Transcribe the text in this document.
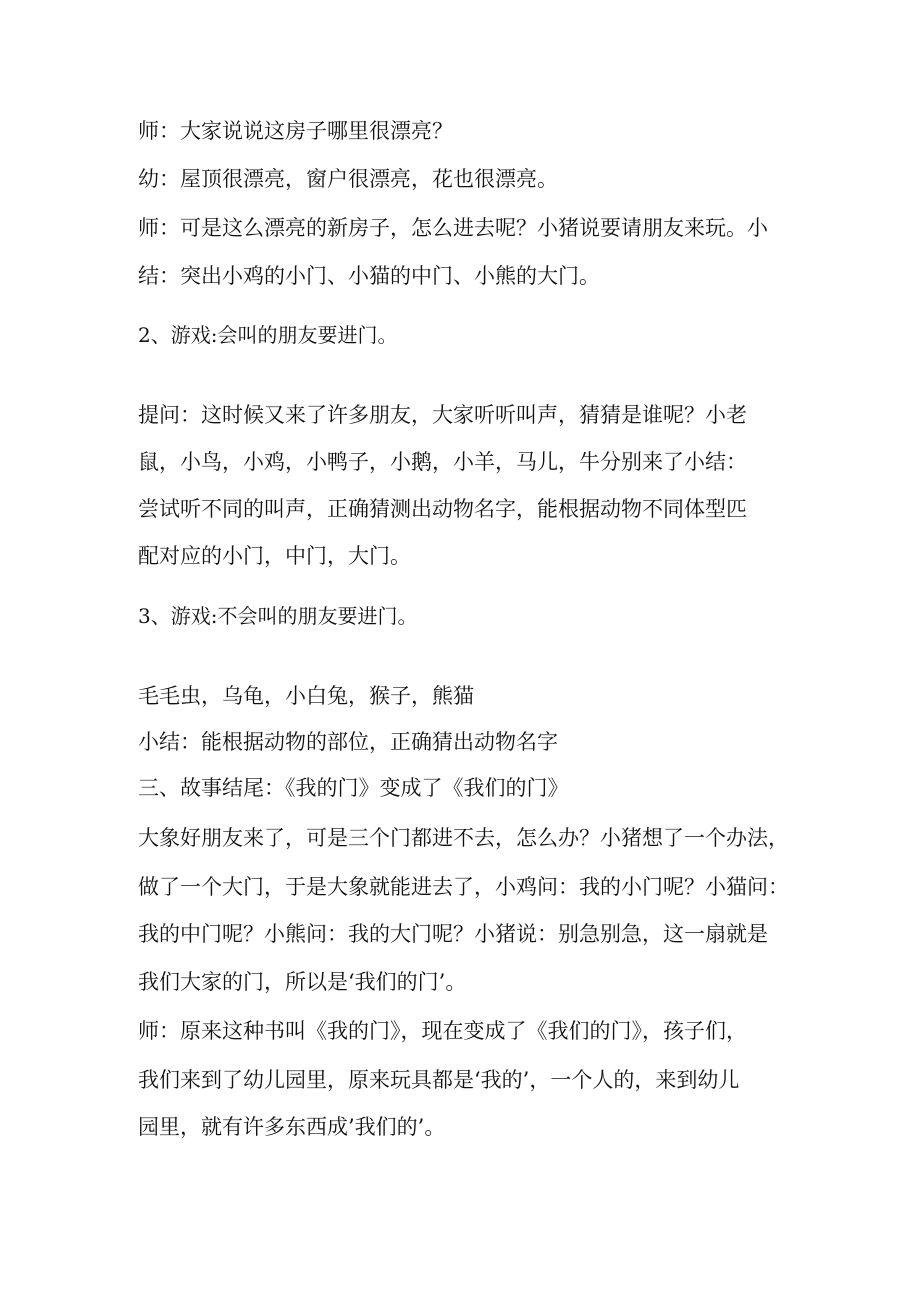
师：大家说说这房子哪里很漂亮？

幼：屋顶很漂亮，窗户很漂亮，花也很漂亮。

师：可是这么漂亮的新房子，怎么进去呢？小猪说要请朋友来玩。小

结：突出小鸡的小门、小猫的中门、小熊的大门。

2、游戏:会叫的朋友要进门。

提问：这时候又来了许多朋友，大家听听叫声，猜猜是谁呢？小老

鼠，小鸟，小鸡，小鸭子，小鹅，小羊，马儿，牛分别来了小结：

尝试听不同的叫声，正确猜测出动物名字，能根据动物不同体型匹

配对应的小门，中门，大门。

3、游戏:不会叫的朋友要进门。

毛毛虫，乌龟，小白兔，猴子，熊猫

小结：能根据动物的部位，正确猜出动物名字

三、故事结尾：《我的门》变成了《我们的门》

大象好朋友来了，可是三个门都进不去，怎么办？小猪想了一个办法，

做了一个大门，于是大象就能进去了，小鸡问：我的小门呢？小猫问：

我的中门呢？小熊问：我的大门呢？小猪说：别急别急，这一扇就是

我们大家的门，所以是‘我们的门’。

师：原来这种书叫《我的门》，现在变成了《我们的门》，孩子们，

我们来到了幼儿园里，原来玩具都是‘我的’，一个人的，来到幼儿

园里，就有许多东西成’我们的’。
